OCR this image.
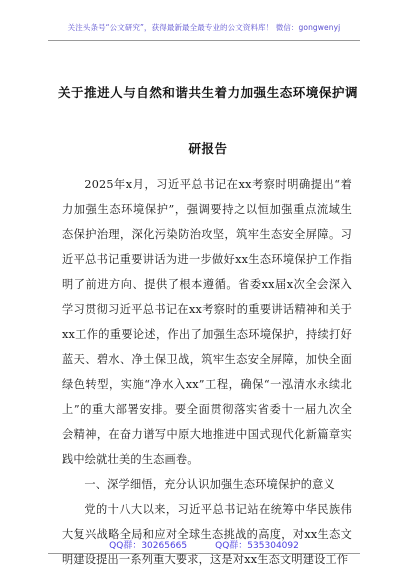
关注头条号“公文研究”，获得最新最全最专业的公文资料库！ 微信：gongwenyj
关于推进人与自然和谐共生着力加强生态环境保护调研报告

2025年x月，习近平总书记在xx考察时明确提出“着力加强生态环境保护”，强调要持之以恒加强重点流域生态保护治理，深化污染防治攻坚，筑牢生态安全屏障。习近平总书记重要讲话为进一步做好xx生态环境保护工作指明了前进方向、提供了根本遵循。省委xx届x次全会深入学习贯彻习近平总书记在xx考察时的重要讲话精神和关于xx工作的重要论述，作出了加强生态环境保护，持续打好蓝天、碧水、净土保卫战，筑牢生态安全屏障，加快全面绿色转型，实施“净水入xx”工程，确保“一泓清水永续北上”的重大部署安排。要全面贯彻落实省委十一届九次全会精神，在奋力谱写中原大地推进中国式现代化新篇章实践中绘就壮美的生态画卷。

一、深学细悟，充分认识加强生态环境保护的意义

党的十八大以来，习近平总书记站在统筹中华民族伟大复兴战略全局和应对全球生态挑战的高度，对xx生态文明建设提出一系列重大要求，这是对xx生态文明建设工作

QQ群：30265665	QQ群：535304092
